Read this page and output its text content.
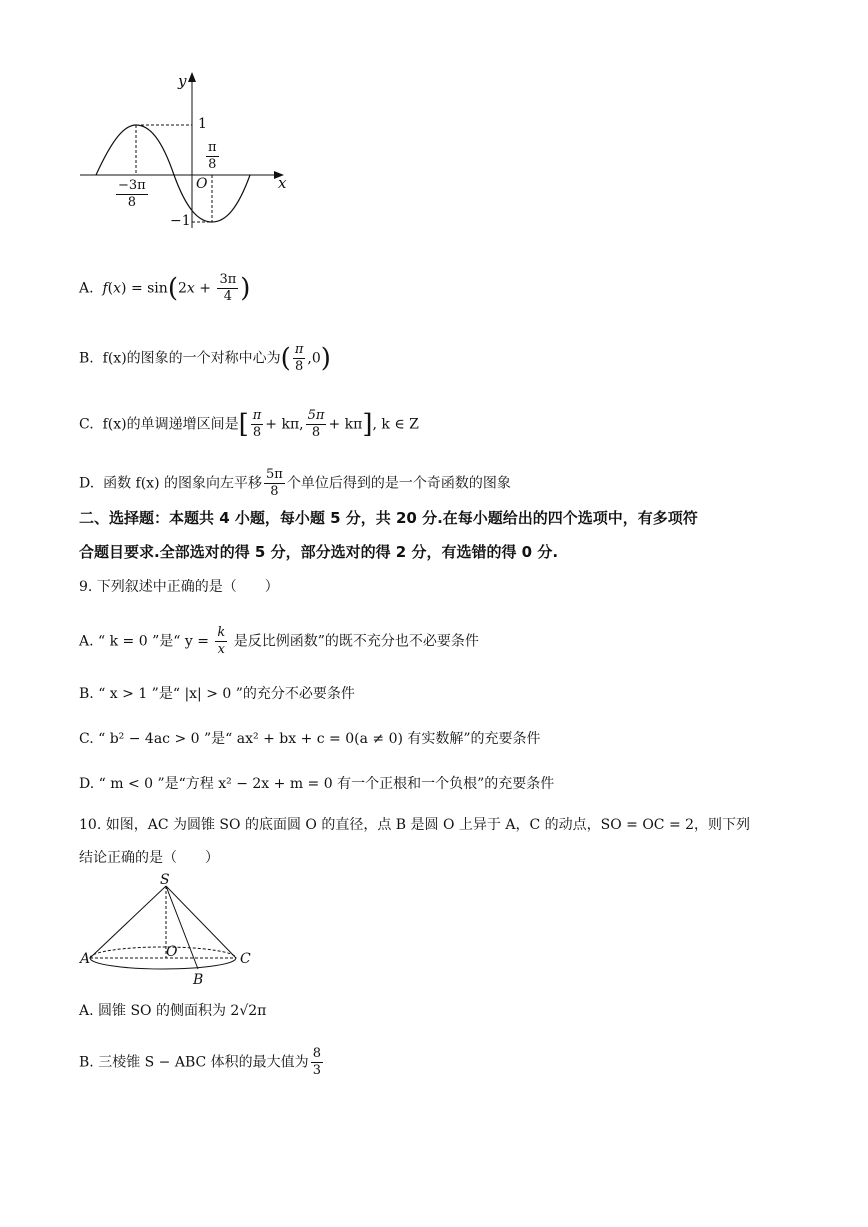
y
x
O
1
−1
$\frac{\pi}{8}$
$\frac{-3\pi}{8}$
A. $f(x) = \sin(2x + \frac{3\pi}{4}$ )
B. f(x)的图象的一个对称中心为( $\frac{\pi}{8} ,0$)
C. f(x)的单调递增区间是[ $\frac{\pi}{8} + k\pi$, $\frac{5\pi}{8} + k\pi$], k ∈ Z
D. 函数 f(x) 的图象向左平移 $\frac{5\pi}{8}$ 个单位后得到的是一个奇函数的图象
二、选择题：本题共 4 小题，每小题 5 分，共 20 分.在每小题给出的四个选项中，有多项符
合题目要求.全部选对的得 5 分，部分选对的得 2 分，有选错的得 0 分.
9. 下列叙述中正确的是（　　）
A. “ k = 0 ”是“ $y = \frac{k}{x}$ 是反比例函数”的既不充分也不必要条件
B. “ x > 1 ”是“ |x| > 0 ”的充分不必要条件
C. “ b² − 4ac > 0 ”是“ ax² + bx + c = 0(a ≠ 0) 有实数解”的充要条件
D. “ m < 0 ”是“方程 x² − 2x + m = 0 有一个正根和一个负根”的充要条件
10. 如图，AC 为圆锥 SO 的底面圆 O 的直径，点 B 是圆 O 上异于 A，C 的动点，SO = OC = 2，则下列
结论正确的是（　　）
S
O
A	C
B
A. 圆锥 SO 的侧面积为 2√2π
B. 三棱锥 S − ABC 体积的最大值为 $\frac{8}{3}$
